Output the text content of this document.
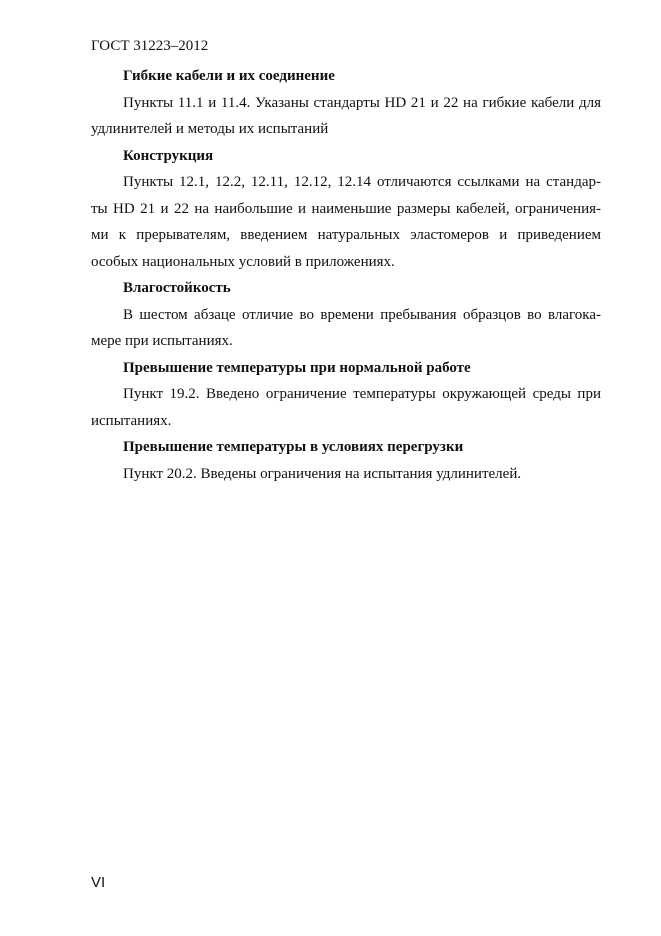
ГОСТ 31223–2012
Гибкие кабели и их соединение
Пункты 11.1 и 11.4. Указаны стандарты HD 21 и 22 на гибкие кабели для
удлинителей и методы их испытаний
Конструкция
Пункты 12.1, 12.2, 12.11, 12.12, 12.14 отличаются ссылками на стандар-
ты HD 21 и 22 на наибольшие и наименьшие размеры кабелей, ограничения-
ми к прерывателям, введением натуральных эластомеров и приведением
особых национальных условий в приложениях.
Влагостойкость
В шестом абзаце отличие во времени пребывания образцов во влагока-
мере при испытаниях.
Превышение температуры при нормальной работе
Пункт 19.2. Введено ограничение температуры окружающей среды при
испытаниях.
Превышение температуры в условиях перегрузки
Пункт 20.2. Введены ограничения на испытания удлинителей.
VI
